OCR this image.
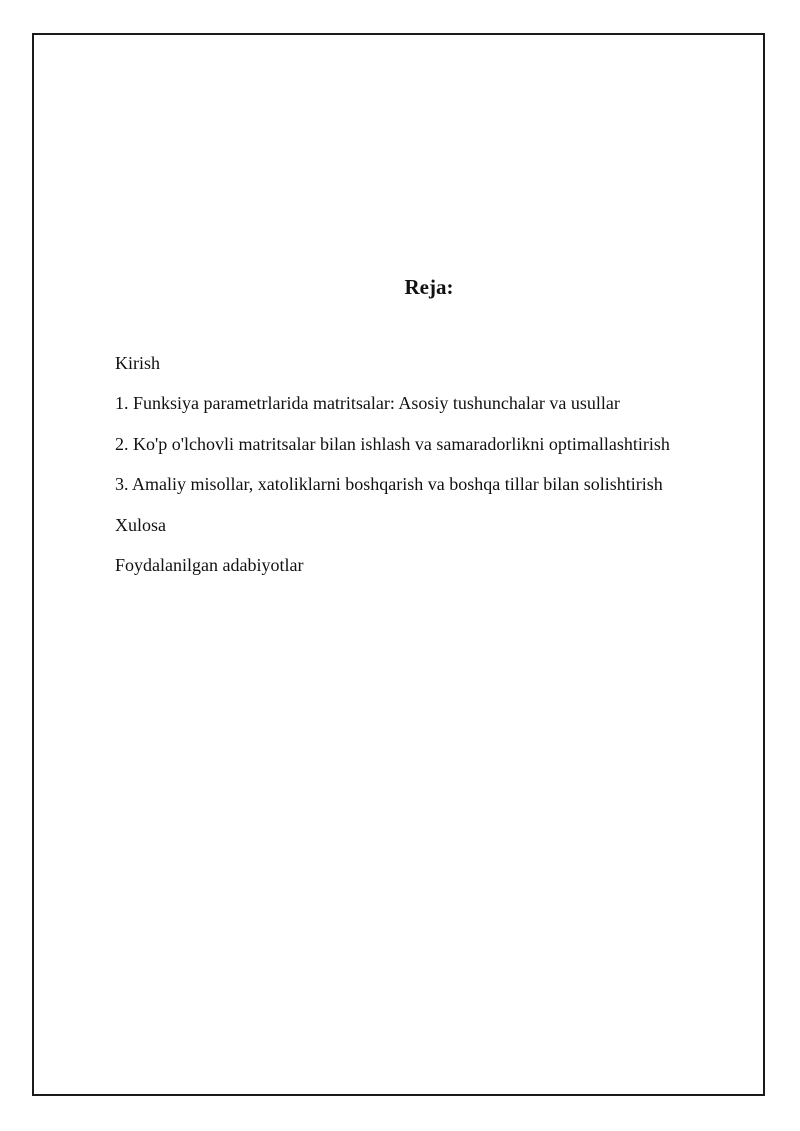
Reja:
Kirish
1. Funksiya parametrlarida matritsalar: Asosiy tushunchalar va usullar
2. Ko'p o'lchovli matritsalar bilan ishlash va samaradorlikni optimallashtirish
3. Amaliy misollar, xatoliklarni boshqarish va boshqa tillar bilan solishtirish
Xulosa
Foydalanilgan adabiyotlar
